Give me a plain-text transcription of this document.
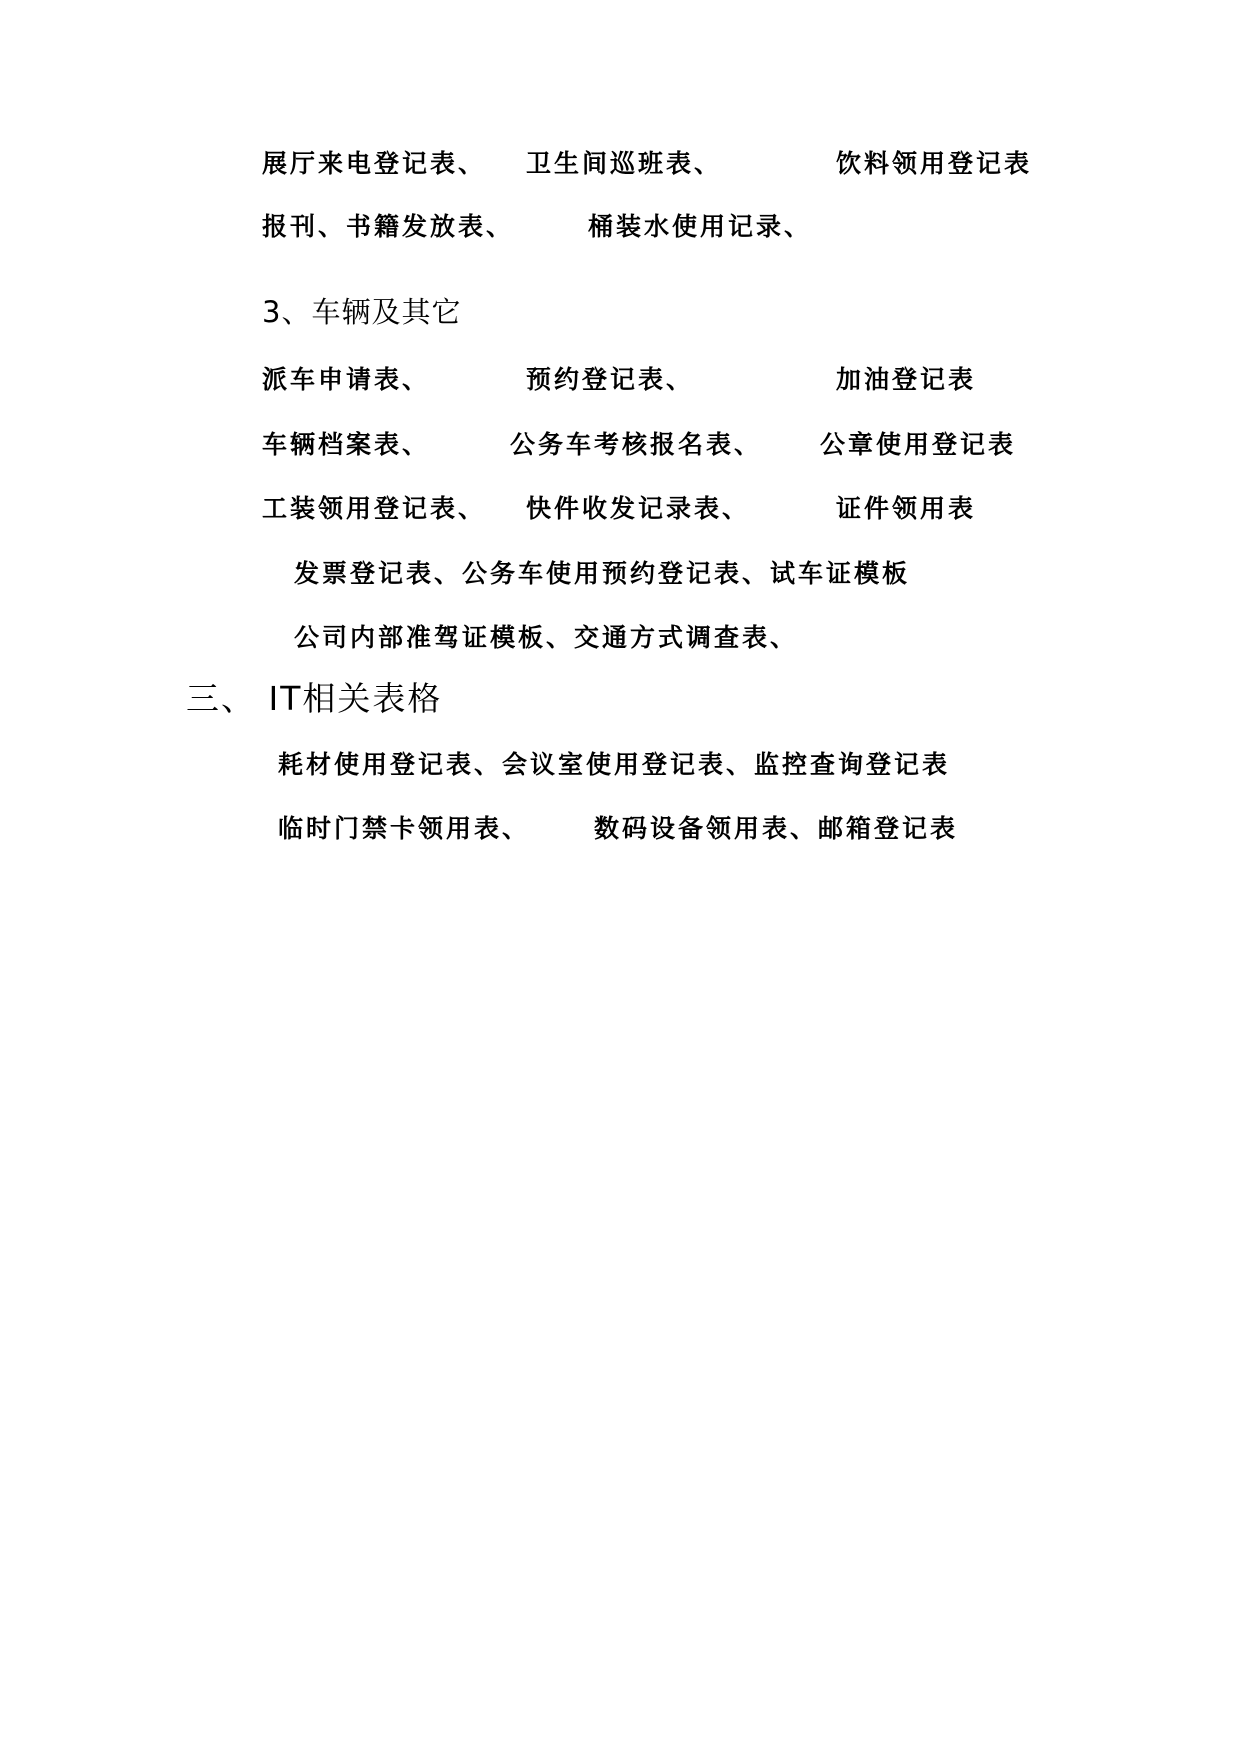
展厅来电登记表、 卫生间巡班表、	饮料领用登记表
报刊、书籍发放表、	桶装水使用记录、
3、车辆及其它
派车申请表、	预约登记表、	加油登记表
车辆档案表、	公务车考核报名表、 公章使用登记表
工装领用登记表、 快件收发记录表、	证件领用表
发票登记表、公务车使用预约登记表、试车证模板
公司内部准驾证模板、交通方式调查表、
三、 IT相关表格
耗材使用登记表、会议室使用登记表、监控查询登记表
临时门禁卡领用表、	数码设备领用表、邮箱登记表
